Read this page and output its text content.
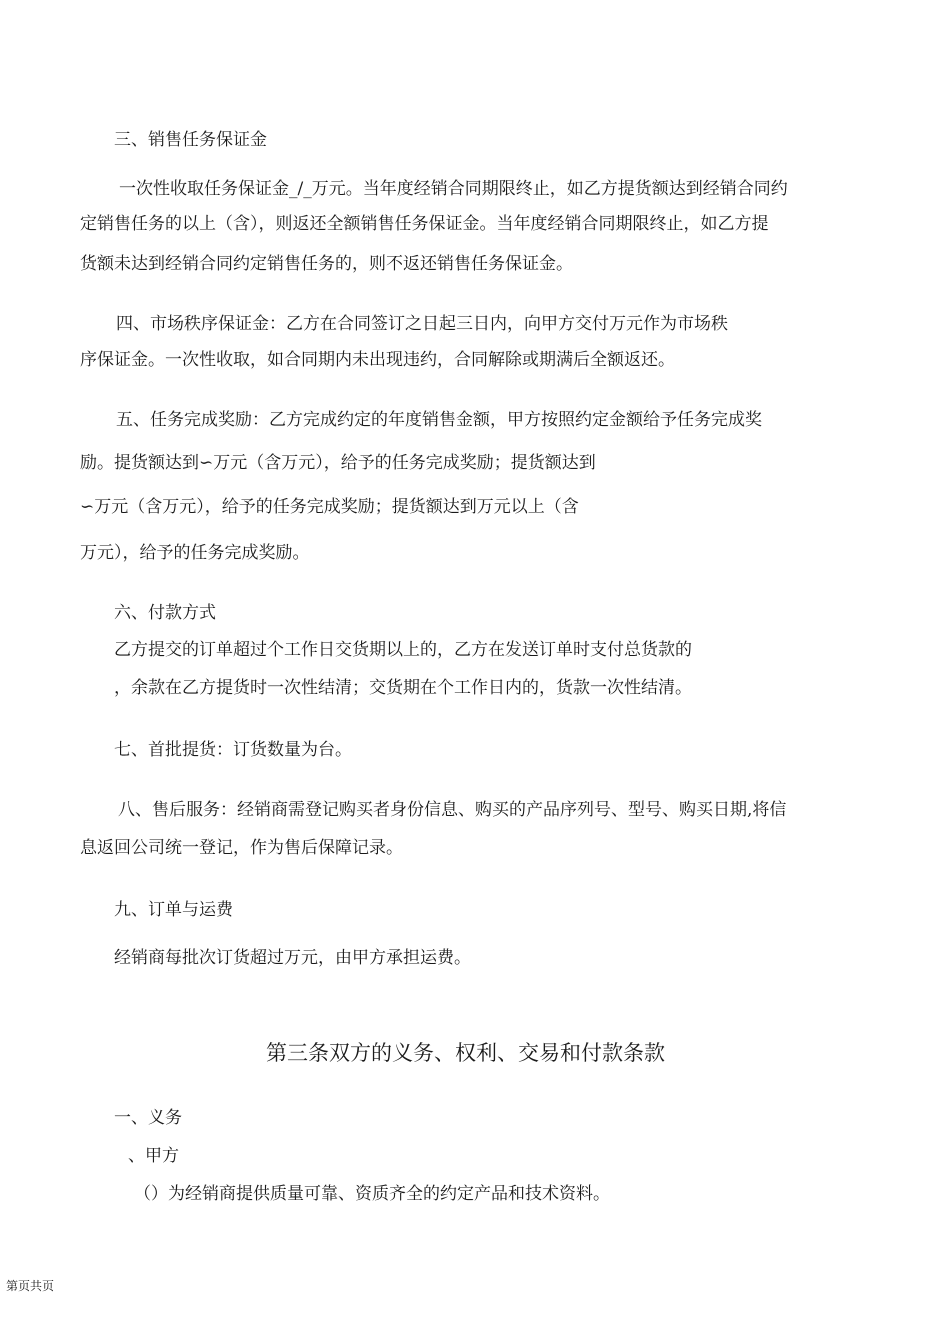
三、销售任务保证金
一次性收取任务保证金_/_万元。当年度经销合同期限终止，如乙方提货额达到经销合同约
定销售任务的以上（含），则返还全额销售任务保证金。当年度经销合同期限终止，如乙方提
货额未达到经销合同约定销售任务的，则不返还销售任务保证金。
四、市场秩序保证金：乙方在合同签订之日起三日内，向甲方交付万元作为市场秩
序保证金。一次性收取，如合同期内未出现违约，合同解除或期满后全额返还。
五、任务完成奖励：乙方完成约定的年度销售金额，甲方按照约定金额给予任务完成奖
励。提货额达到∽万元（含万元），给予的任务完成奖励；提货额达到
∽万元（含万元），给予的任务完成奖励；提货额达到万元以上（含
万元），给予的任务完成奖励。
六、付款方式
乙方提交的订单超过个工作日交货期以上的，乙方在发送订单时支付总货款的
，余款在乙方提货时一次性结清；交货期在个工作日内的，货款一次性结清。
七、首批提货：订货数量为台。
八、售后服务：经销商需登记购买者身份信息、购买的产品序列号、型号、购买日期,将信
息返回公司统一登记，作为售后保障记录。
九、订单与运费
经销商每批次订货超过万元，由甲方承担运费。
第三条双方的义务、权利、交易和付款条款
一、义务
、甲方
（）为经销商提供质量可靠、资质齐全的约定产品和技术资料。
第页共页
